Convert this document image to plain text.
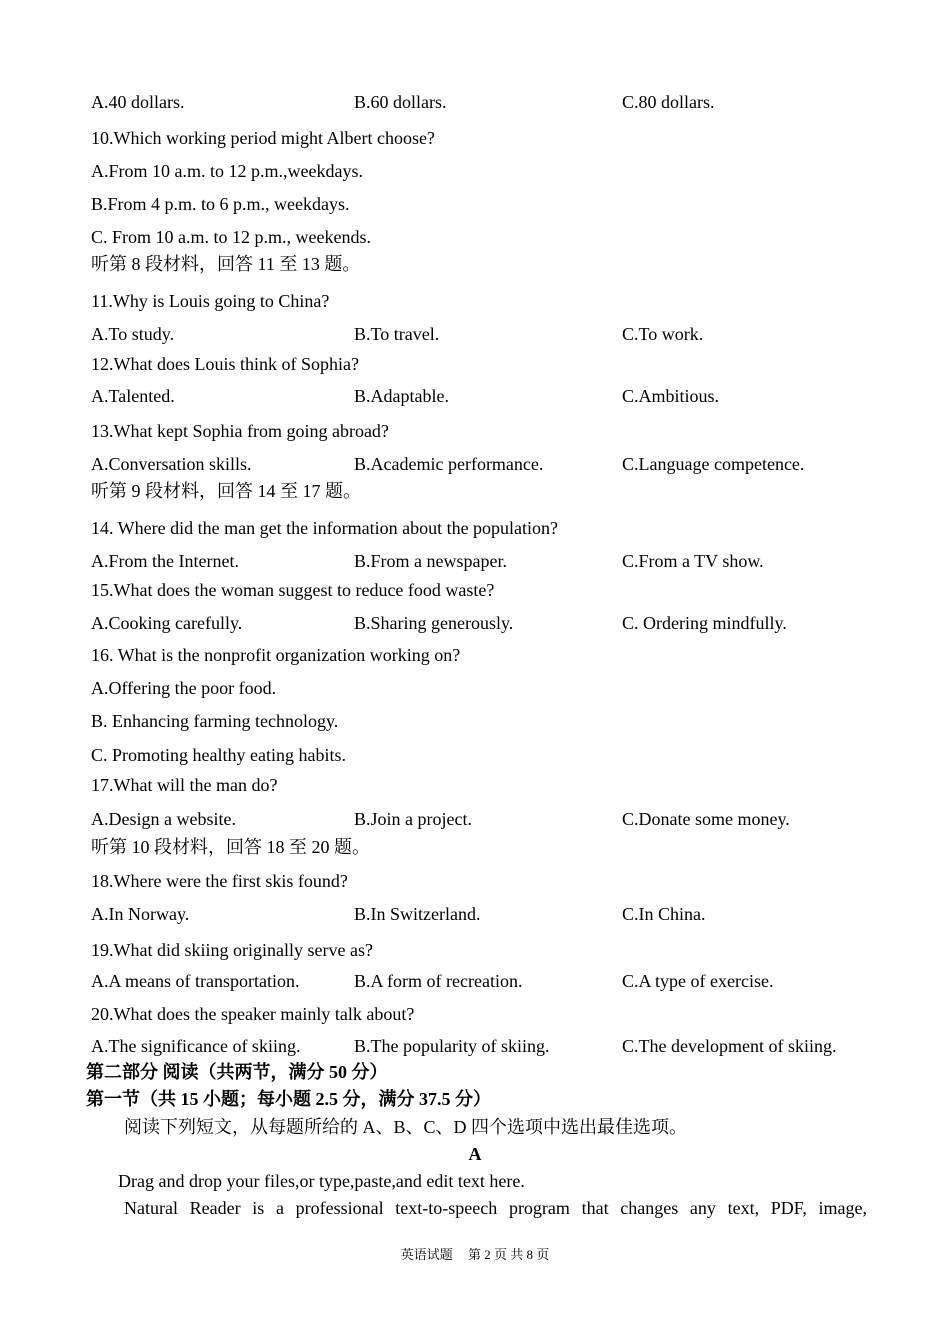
A.40 dollars.	B.60 dollars.	C.80 dollars.
10.Which working period might Albert choose?
A.From 10 a.m. to 12 p.m.,weekdays.
B.From 4 p.m. to 6 p.m., weekdays.
C. From 10 a.m. to 12 p.m., weekends.
听第 8 段材料，回答 11 至 13 题。
11.Why is Louis going to China?
A.To study.	B.To travel.	C.To work.
12.What does Louis think of Sophia?
A.Talented.	B.Adaptable.	C.Ambitious.
13.What kept Sophia from going abroad?
A.Conversation skills.	B.Academic performance.	C.Language competence.
听第 9 段材料，回答 14 至 17 题。
14. Where did the man get the information about the population?
A.From the Internet.	B.From a newspaper.	C.From a TV show.
15.What does the woman suggest to reduce food waste?
A.Cooking carefully.	B.Sharing generously.	C. Ordering mindfully.
16. What is the nonprofit organization working on?
A.Offering the poor food.
B. Enhancing farming technology.
C. Promoting healthy eating habits.
17.What will the man do?
A.Design a website.	B.Join a project.	C.Donate some money.
听第 10 段材料，回答 18 至 20 题。
18.Where were the first skis found?
A.In Norway.	B.In Switzerland.	C.In China.
19.What did skiing originally serve as?
A.A means of transportation.	B.A form of recreation.	C.A type of exercise.
20.What does the speaker mainly talk about?
A.The significance of skiing.	B.The popularity of skiing.	C.The development of skiing.
第二部分 阅读（共两节，满分 50 分）
第一节（共 15 小题；每小题 2.5 分，满分 37.5 分）
阅读下列短文，从每题所给的 A、B、C、D 四个选项中选出最佳选项。
A
Drag and drop your files,or type,paste,and edit text here.
Natural Reader is a professional text-to-speech program that changes any text, PDF, image,
英语试题 第 2 页 共 8 页
